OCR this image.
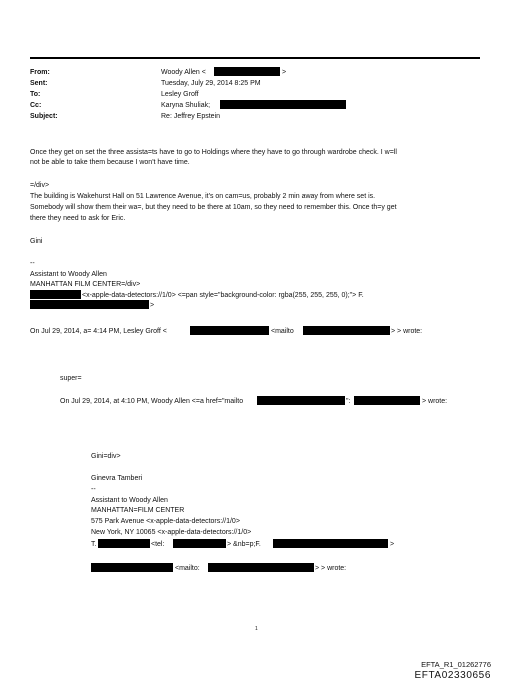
From:	Woody Allen <	>
Sent:	Tuesday, July 29, 2014 8:25 PM
To:	Lesley Groff
Cc:	Karyna Shuliak;
Subject:	Re: Jeffrey Epstein
Once they get on set the three assista=ts have to go to Holdings where they have to go through wardrobe check. I w=ll
not be able to take them because I won't have time.
=/div>
The building is Wakehurst Hall on 51 Lawrence Avenue, it's on cam=us, probably 2 min away from where set is.
Somebody will show them their wa=, but they need to be there at 10am, so they need to remember this. Once th=y get
there they need to ask for Eric.
Gini
--
Assistant to Woody Allen
MANHATTAN FILM CENTER=/div>
<x-apple-data-detectors://1/0> <=pan style="background-color: rgba(255, 255, 255, 0);"> F.
>
On Jul 29, 2014, a= 4:14 PM, Lesley Groff <	<mailto	> > wrote:
super=
On Jul 29, 2014, at 4:10 PM, Woody Allen <=a href="mailto	":	> wrote:
Gini=div>
Ginevra Tamberi
--
Assistant to Woody Allen
MANHATTAN=FILM CENTER
575 Park Avenue <x-apple-data-detectors://1/0>
New York, NY 10065 <x-apple-data-detectors://1/0>
T.	<tel:	> &nb=p;F.	>
<mailto:	> > wrote:
1
EFTA_R1_01262776
EFTA02330656
